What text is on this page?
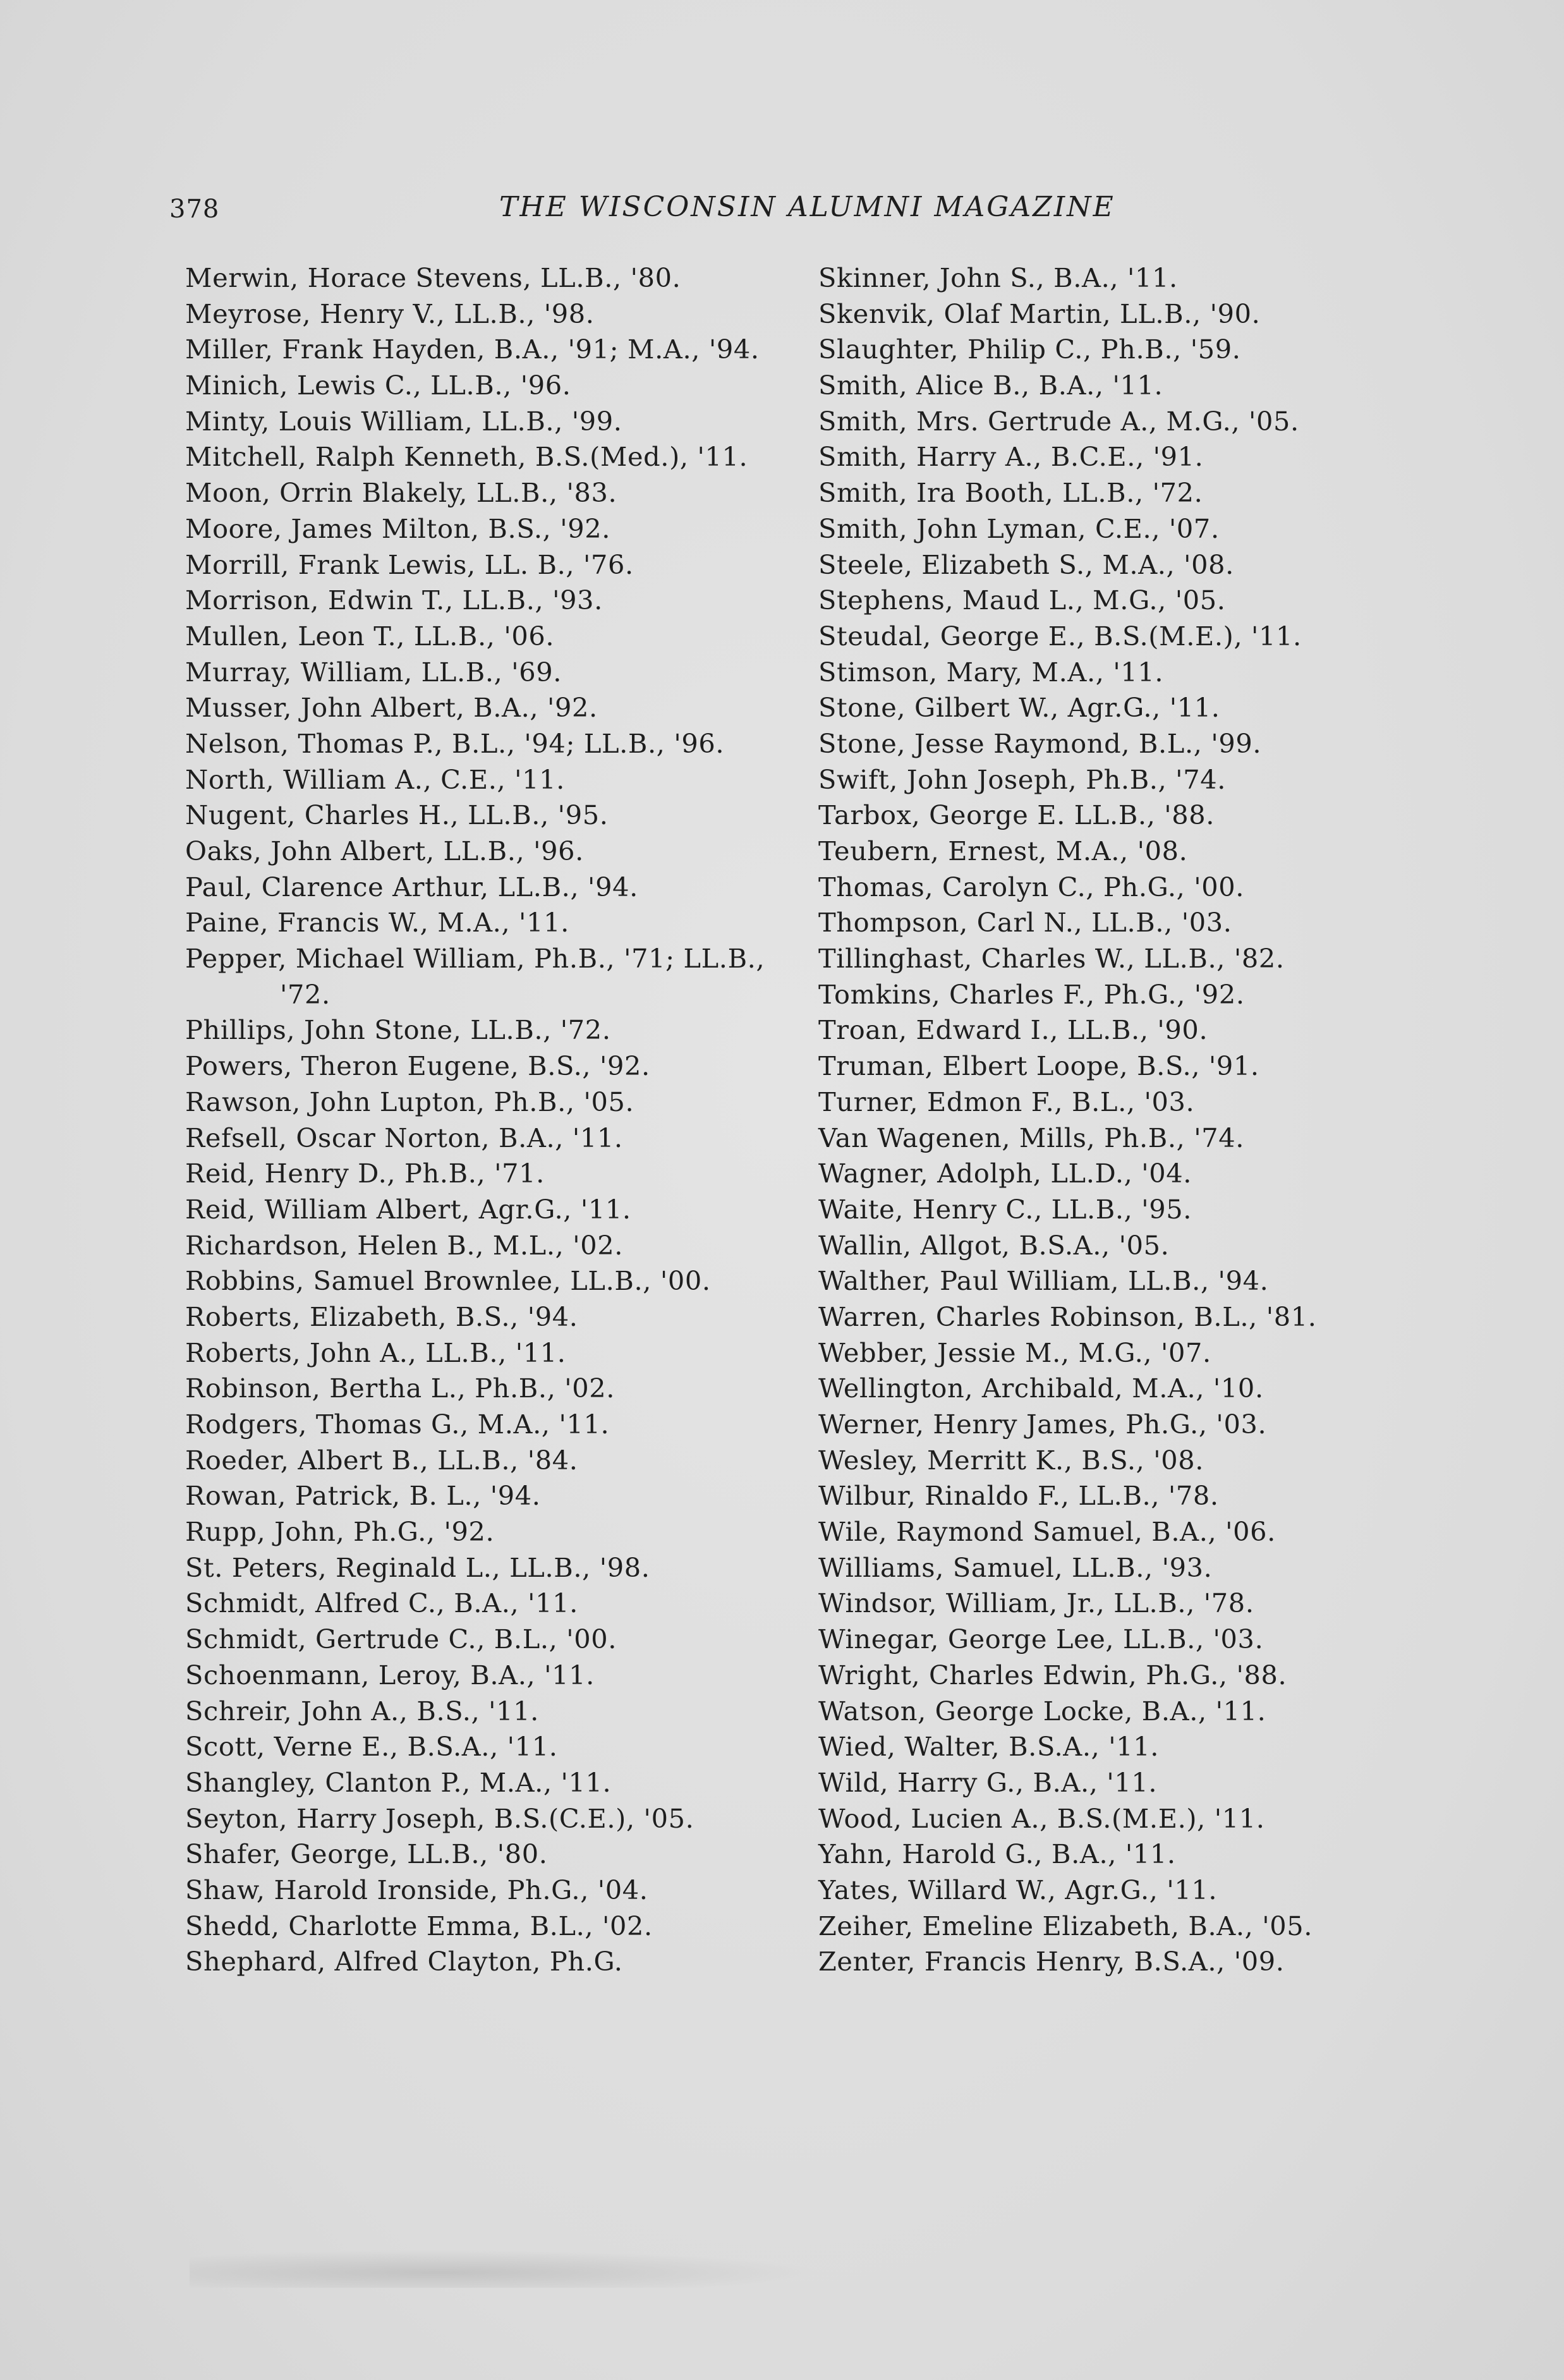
378	THE WISCONSIN ALUMNI MAGAZINE
Merwin, Horace Stevens, LL.B., '80.
Meyrose, Henry V., LL.B., '98.
Miller, Frank Hayden, B.A., '91; M.A., '94.
Minich, Lewis C., LL.B., '96.
Minty, Louis William, LL.B., '99.
Mitchell, Ralph Kenneth, B.S.(Med.), '11.
Moon, Orrin Blakely, LL.B., '83.
Moore, James Milton, B.S., '92.
Morrill, Frank Lewis, LL. B., '76.
Morrison, Edwin T., LL.B., '93.
Mullen, Leon T., LL.B., '06.
Murray, William, LL.B., '69.
Musser, John Albert, B.A., '92.
Nelson, Thomas P., B.L., '94; LL.B., '96.
North, William A., C.E., '11.
Nugent, Charles H., LL.B., '95.
Oaks, John Albert, LL.B., '96.
Paul, Clarence Arthur, LL.B., '94.
Paine, Francis W., M.A., '11.
Pepper, Michael William, Ph.B., '71; LL.B.,
'72.
Phillips, John Stone, LL.B., '72.
Powers, Theron Eugene, B.S., '92.
Rawson, John Lupton, Ph.B., '05.
Refsell, Oscar Norton, B.A., '11.
Reid, Henry D., Ph.B., '71.
Reid, William Albert, Agr.G., '11.
Richardson, Helen B., M.L., '02.
Robbins, Samuel Brownlee, LL.B., '00.
Roberts, Elizabeth, B.S., '94.
Roberts, John A., LL.B., '11.
Robinson, Bertha L., Ph.B., '02.
Rodgers, Thomas G., M.A., '11.
Roeder, Albert B., LL.B., '84.
Rowan, Patrick, B. L., '94.
Rupp, John, Ph.G., '92.
St. Peters, Reginald L., LL.B., '98.
Schmidt, Alfred C., B.A., '11.
Schmidt, Gertrude C., B.L., '00.
Schoenmann, Leroy, B.A., '11.
Schreir, John A., B.S., '11.
Scott, Verne E., B.S.A., '11.
Shangley, Clanton P., M.A., '11.
Seyton, Harry Joseph, B.S.(C.E.), '05.
Shafer, George, LL.B., '80.
Shaw, Harold Ironside, Ph.G., '04.
Shedd, Charlotte Emma, B.L., '02.
Shephard, Alfred Clayton, Ph.G.
Skinner, John S., B.A., '11.
Skenvik, Olaf Martin, LL.B., '90.
Slaughter, Philip C., Ph.B., '59.
Smith, Alice B., B.A., '11.
Smith, Mrs. Gertrude A., M.G., '05.
Smith, Harry A., B.C.E., '91.
Smith, Ira Booth, LL.B., '72.
Smith, John Lyman, C.E., '07.
Steele, Elizabeth S., M.A., '08.
Stephens, Maud L., M.G., '05.
Steudal, George E., B.S.(M.E.), '11.
Stimson, Mary, M.A., '11.
Stone, Gilbert W., Agr.G., '11.
Stone, Jesse Raymond, B.L., '99.
Swift, John Joseph, Ph.B., '74.
Tarbox, George E. LL.B., '88.
Teubern, Ernest, M.A., '08.
Thomas, Carolyn C., Ph.G., '00.
Thompson, Carl N., LL.B., '03.
Tillinghast, Charles W., LL.B., '82.
Tomkins, Charles F., Ph.G., '92.
Troan, Edward I., LL.B., '90.
Truman, Elbert Loope, B.S., '91.
Turner, Edmon F., B.L., '03.
Van Wagenen, Mills, Ph.B., '74.
Wagner, Adolph, LL.D., '04.
Waite, Henry C., LL.B., '95.
Wallin, Allgot, B.S.A., '05.
Walther, Paul William, LL.B., '94.
Warren, Charles Robinson, B.L., '81.
Webber, Jessie M., M.G., '07.
Wellington, Archibald, M.A., '10.
Werner, Henry James, Ph.G., '03.
Wesley, Merritt K., B.S., '08.
Wilbur, Rinaldo F., LL.B., '78.
Wile, Raymond Samuel, B.A., '06.
Williams, Samuel, LL.B., '93.
Windsor, William, Jr., LL.B., '78.
Winegar, George Lee, LL.B., '03.
Wright, Charles Edwin, Ph.G., '88.
Watson, George Locke, B.A., '11.
Wied, Walter, B.S.A., '11.
Wild, Harry G., B.A., '11.
Wood, Lucien A., B.S.(M.E.), '11.
Yahn, Harold G., B.A., '11.
Yates, Willard W., Agr.G., '11.
Zeiher, Emeline Elizabeth, B.A., '05.
Zenter, Francis Henry, B.S.A., '09.
